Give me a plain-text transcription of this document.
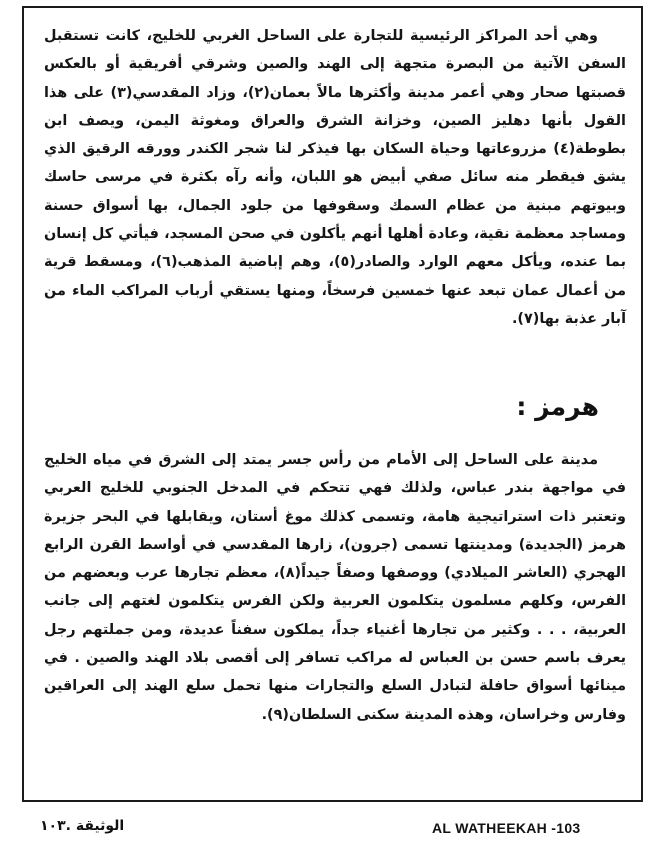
وهي أحد المراكز الرئيسية للتجارة على الساحل الغربي للخليج، كانت تستقبل السفن الآتية من البصرة متجهة إلى الهند والصين وشرقي أفريقية أو بالعكس قصبتها صحار وهي أعمر مدينة وأكثرها مالاً بعمان(٢)، وزاد المقدسي(٣) على هذا القول بأنها دهليز الصين، وخزانة الشرق والعراق ومغوثة اليمن، ويصف ابن بطوطة(٤) مزروعاتها وحياة السكان بها فيذكر لنا شجر الكندر وورقه الرقيق الذي يشق فيقطر منه سائل صفي أبيض هو اللبان، وأنه رآه بكثرة في مرسى حاسك وبيوتهم مبنية من عظام السمك وسقوفها من جلود الجمال، بها أسواق حسنة ومساجد معظمة نقية، وعادة أهلها أنهم يأكلون في صحن المسجد، فيأتي كل إنسان بما عنده، ويأكل معهم الوارد والصادر(٥)، وهم إباضية المذهب(٦)، ومسقط قرية من أعمال عمان تبعد عنها خمسين فرسخاً، ومنها يستقي أرباب المراكب الماء من آبار عذبة بها(٧).

هرمز :

مدينة على الساحل إلى الأمام من رأس جسر يمتد إلى الشرق في مياه الخليج في مواجهة بندر عباس، ولذلك فهي تتحكم في المدخل الجنوبي للخليج العربي وتعتبر ذات استراتيجية هامة، وتسمى كذلك موغ أستان، ويقابلها في البحر جزيرة هرمز (الجديدة) ومدينتها تسمى (جرون)، زارها المقدسي في أواسط القرن الرابع الهجري (العاشر الميلادي) ووصفها وصفاً جيداً(٨)، معظم تجارها عرب وبعضهم من الفرس، وكلهم مسلمون يتكلمون العربية ولكن الفرس يتكلمون لغتهم إلى جانب العربية، . . . وكثير من تجارها أغنياء جداً، يملكون سفناً عديدة، ومن جملتهم رجل يعرف باسم حسن بن العباس له مراكب تسافر إلى أقصى بلاد الهند والصين . في مينائها أسواق حافلة لتبادل السلع والتجارات منها تحمل سلع الهند إلى العراقين وفارس وخراسان، وهذه المدينة سكنى السلطان(٩).

AL WATHEEKAH -103
الوثيقة .١٠٣
